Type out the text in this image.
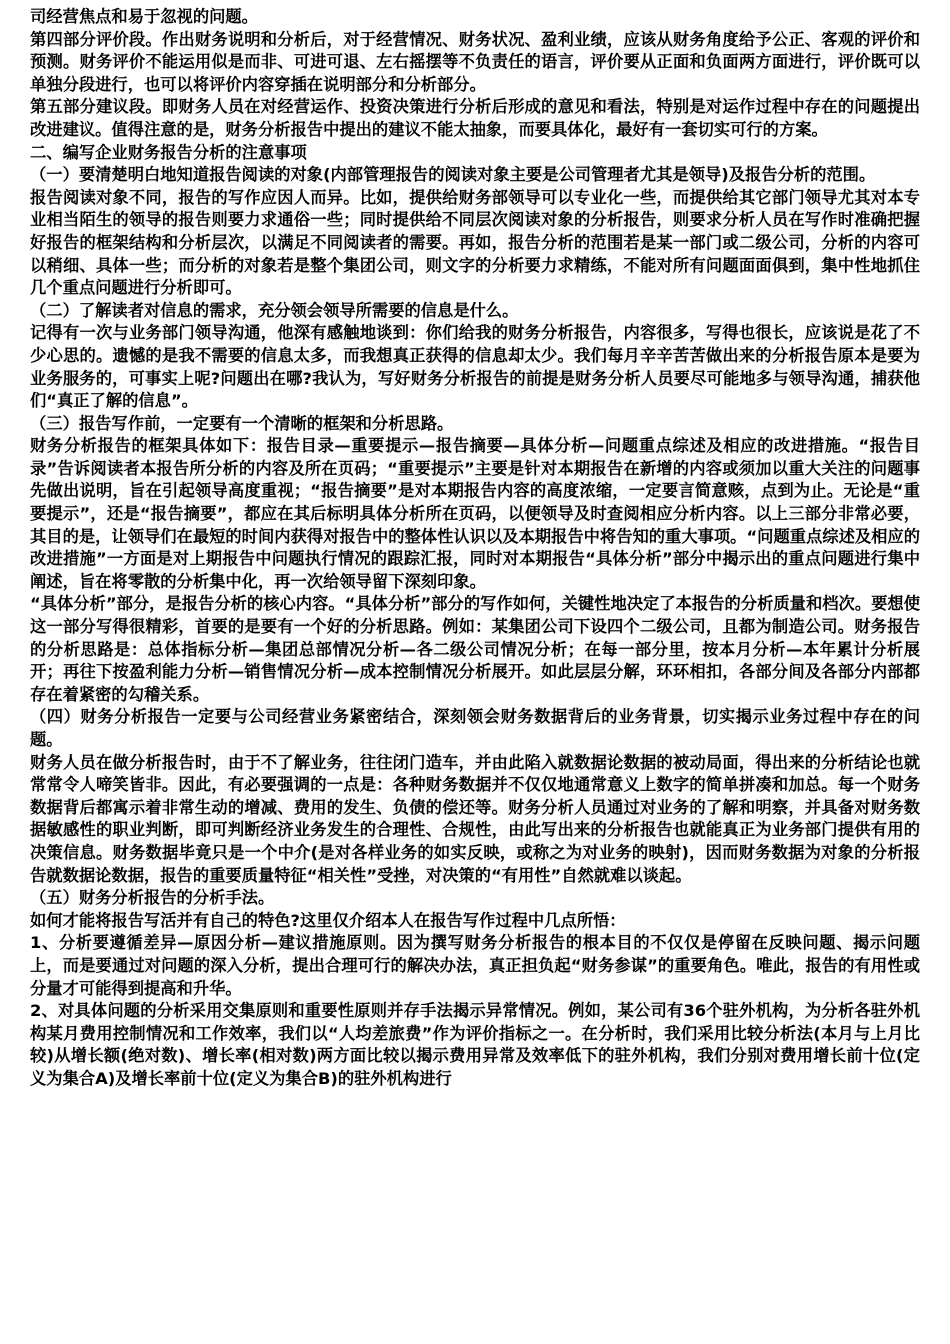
司经营焦点和易于忽视的问题。

第四部分评价段。作出财务说明和分析后，对于经营情况、财务状况、盈利业绩，应该从财务角度给予公正、客观的评价和预测。财务评价不能运用似是而非、可进可退、左右摇摆等不负责任的语言，评价要从正面和负面两方面进行，评价既可以单独分段进行，也可以将评价内容穿插在说明部分和分析部分。

第五部分建议段。即财务人员在对经营运作、投资决策进行分析后形成的意见和看法，特别是对运作过程中存在的问题提出改进建议。值得注意的是，财务分析报告中提出的建议不能太抽象，而要具体化，最好有一套切实可行的方案。

二、编写企业财务报告分析的注意事项

（一）要清楚明白地知道报告阅读的对象(内部管理报告的阅读对象主要是公司管理者尤其是领导)及报告分析的范围。

报告阅读对象不同，报告的写作应因人而异。比如，提供给财务部领导可以专业化一些，而提供给其它部门领导尤其对本专业相当陌生的领导的报告则要力求通俗一些；同时提供给不同层次阅读对象的分析报告，则要求分析人员在写作时准确把握好报告的框架结构和分析层次，以满足不同阅读者的需要。再如，报告分析的范围若是某一部门或二级公司，分析的内容可以稍细、具体一些；而分析的对象若是整个集团公司，则文字的分析要力求精练，不能对所有问题面面俱到，集中性地抓住几个重点问题进行分析即可。

（二）了解读者对信息的需求，充分领会领导所需要的信息是什么。

记得有一次与业务部门领导沟通，他深有感触地谈到：你们给我的财务分析报告，内容很多，写得也很长，应该说是花了不少心思的。遗憾的是我不需要的信息太多，而我想真正获得的信息却太少。我们每月辛辛苦苦做出来的分析报告原本是要为业务服务的，可事实上呢?问题出在哪?我认为，写好财务分析报告的前提是财务分析人员要尽可能地多与领导沟通，捕获他们“真正了解的信息”。

（三）报告写作前，一定要有一个清晰的框架和分析思路。

财务分析报告的框架具体如下：报告目录—重要提示—报告摘要—具体分析—问题重点综述及相应的改进措施。“报告目录”告诉阅读者本报告所分析的内容及所在页码；“重要提示”主要是针对本期报告在新增的内容或须加以重大关注的问题事先做出说明，旨在引起领导高度重视；“报告摘要”是对本期报告内容的高度浓缩，一定要言简意赅，点到为止。无论是“重要提示”，还是“报告摘要”，都应在其后标明具体分析所在页码，以便领导及时查阅相应分析内容。以上三部分非常必要，其目的是，让领导们在最短的时间内获得对报告中的整体性认识以及本期报告中将告知的重大事项。“问题重点综述及相应的改进措施”一方面是对上期报告中问题执行情况的跟踪汇报，同时对本期报告“具体分析”部分中揭示出的重点问题进行集中阐述，旨在将零散的分析集中化，再一次给领导留下深刻印象。

“具体分析”部分，是报告分析的核心内容。“具体分析”部分的写作如何，关键性地决定了本报告的分析质量和档次。要想使这一部分写得很精彩，首要的是要有一个好的分析思路。例如：某集团公司下设四个二级公司，且都为制造公司。财务报告的分析思路是：总体指标分析—集团总部情况分析—各二级公司情况分析；在每一部分里，按本月分析—本年累计分析展开；再往下按盈利能力分析—销售情况分析—成本控制情况分析展开。如此层层分解，环环相扣，各部分间及各部分内部都存在着紧密的勾稽关系。

（四）财务分析报告一定要与公司经营业务紧密结合，深刻领会财务数据背后的业务背景，切实揭示业务过程中存在的问题。

财务人员在做分析报告时，由于不了解业务，往往闭门造车，并由此陷入就数据论数据的被动局面，得出来的分析结论也就常常令人啼笑皆非。因此，有必要强调的一点是：各种财务数据并不仅仅地通常意义上数字的简单拼凑和加总。每一个财务数据背后都寓示着非常生动的增减、费用的发生、负债的偿还等。财务分析人员通过对业务的了解和明察，并具备对财务数据敏感性的职业判断，即可判断经济业务发生的合理性、合规性，由此写出来的分析报告也就能真正为业务部门提供有用的决策信息。财务数据毕竟只是一个中介(是对各样业务的如实反映，或称之为对业务的映射)，因而财务数据为对象的分析报告就数据论数据，报告的重要质量特征“相关性”受挫，对决策的“有用性”自然就难以谈起。

（五）财务分析报告的分析手法。

如何才能将报告写活并有自己的特色?这里仅介绍本人在报告写作过程中几点所悟：

1、分析要遵循差异—原因分析—建议措施原则。因为撰写财务分析报告的根本目的不仅仅是停留在反映问题、揭示问题上，而是要通过对问题的深入分析，提出合理可行的解决办法，真正担负起“财务参谋”的重要角色。唯此，报告的有用性或分量才可能得到提高和升华。

2、对具体问题的分析采用交集原则和重要性原则并存手法揭示异常情况。例如，某公司有36个驻外机构，为分析各驻外机构某月费用控制情况和工作效率，我们以“人均差旅费”作为评价指标之一。在分析时，我们采用比较分析法(本月与上月比较)从增长额(绝对数)、增长率(相对数)两方面比较以揭示费用异常及效率低下的驻外机构，我们分别对费用增长前十位(定义为集合A)及增长率前十位(定义为集合B)的驻外机构进行
